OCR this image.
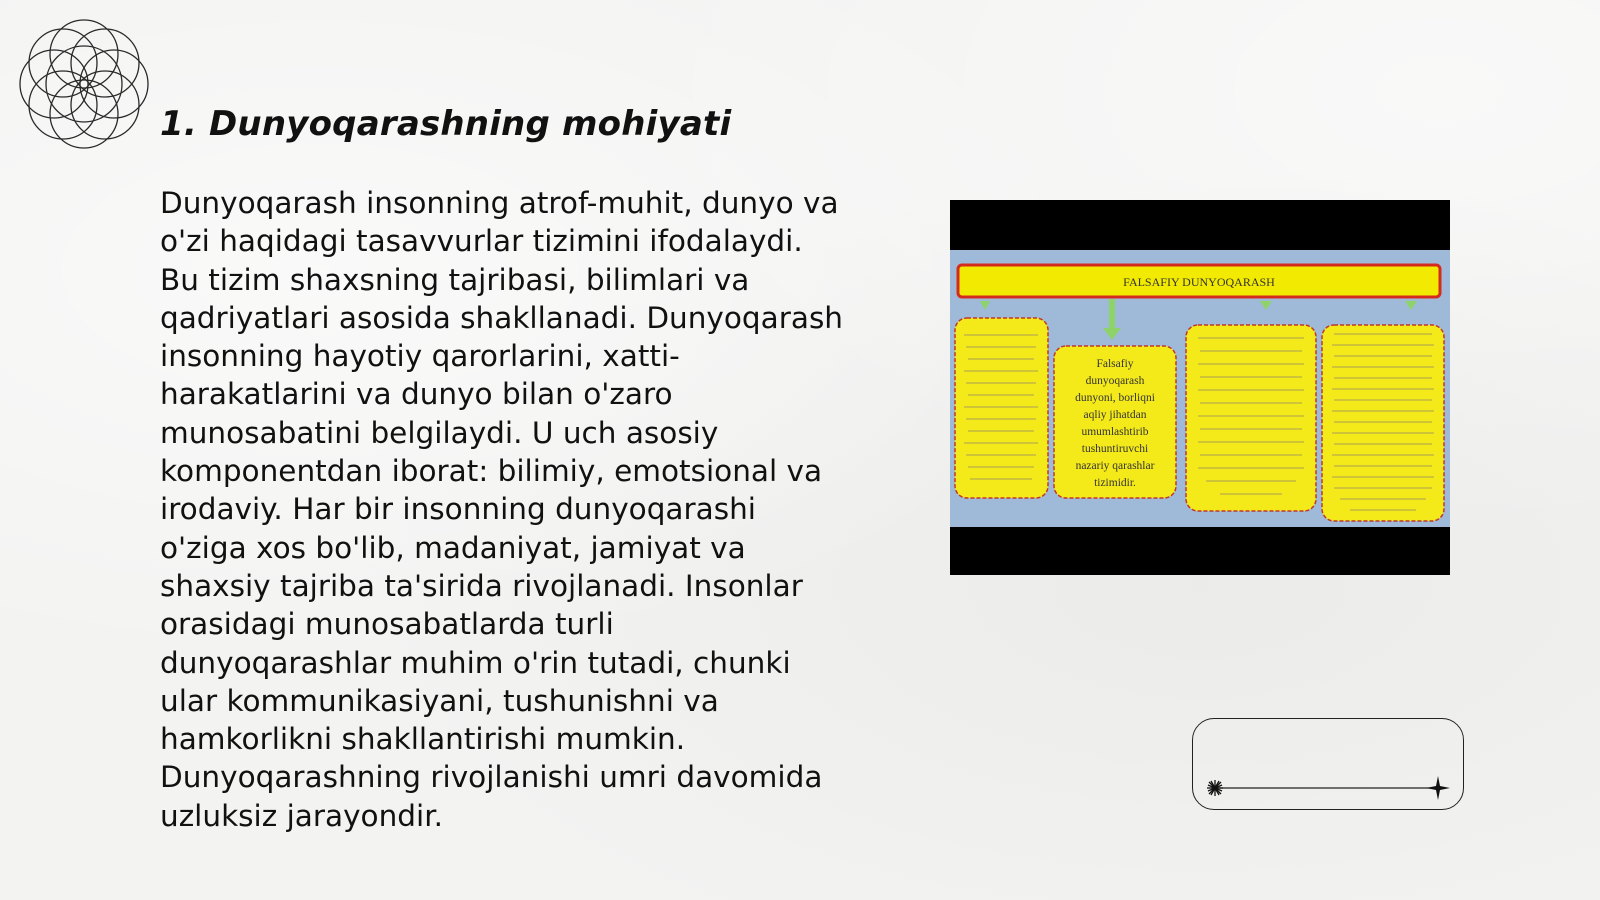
1. Dunyoqarashning mohiyati

Dunyoqarash insonning atrof-muhit, dunyo va o'zi haqidagi tasavvurlar tizimini ifodalaydi. Bu tizim shaxsning tajribasi, bilimlari va qadriyatlari asosida shakllanadi. Dunyoqarash insonning hayotiy qarorlarini, xatti-harakatlarini va dunyo bilan o'zaro munosabatini belgilaydi. U uch asosiy komponentdan iborat: bilimiy, emotsional va irodaviy. Har bir insonning dunyoqarashi o'ziga xos bo'lib, madaniyat, jamiyat va shaxsiy tajriba ta'sirida rivojlanadi. Insonlar orasidagi munosabatlarda turli dunyoqarashlar muhim o'rin tutadi, chunki ular kommunikasiyani, tushunishni va hamkorlikni shakllantirishi mumkin. Dunyoqarashning rivojlanishi umri davomida uzluksiz jarayondir.

FALSAFIY DUNYOQARASH
Falsafiy
dunyoqarash
dunyoni, borliqni
aqliy jihatdan
umumlashtirib
tushuntiruvchi
nazariy qarashlar
tizimidir.
